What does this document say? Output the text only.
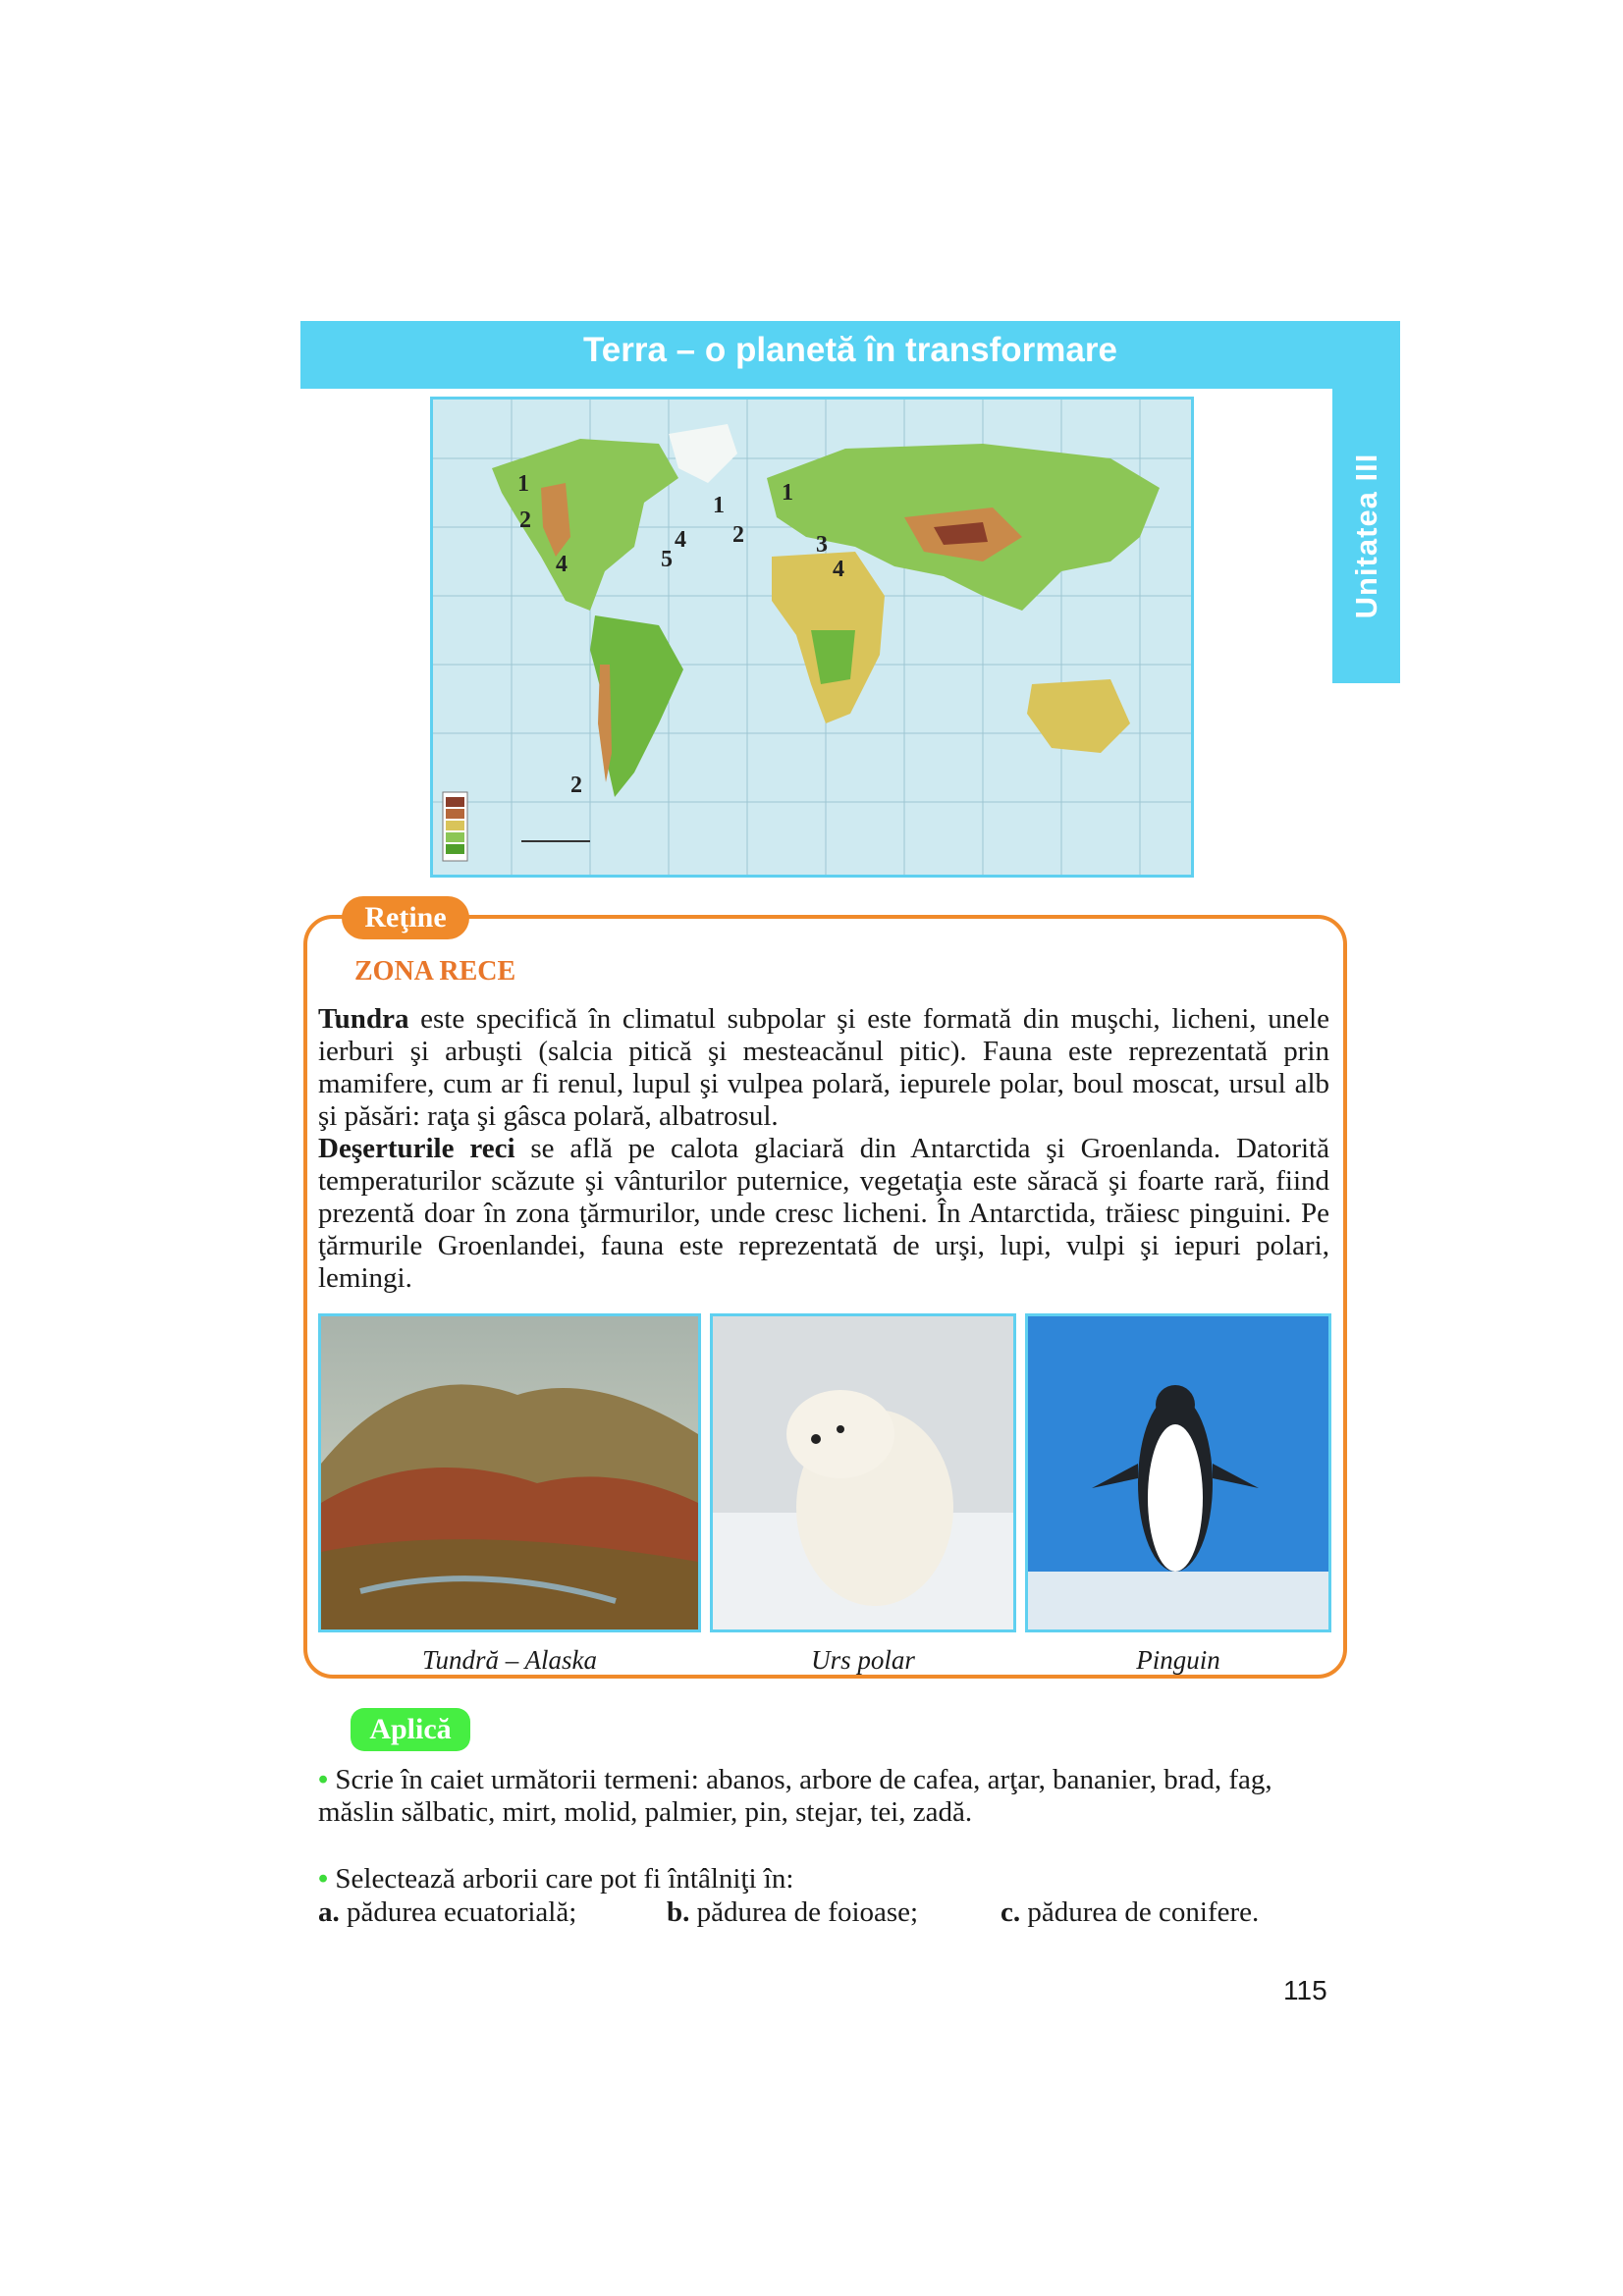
Terra – o planetă în transformare
Unitatea III
1
2
4
2
4
5
1
2
1
3
4
Reţine
ZONA RECE

Tundra este specifică în climatul subpolar şi este formată din muşchi, licheni, unele ierburi şi arbuşti (salcia pitică şi mesteacănul pitic). Fauna este reprezentată prin mamifere, cum ar fi renul, lupul şi vulpea polară, iepurele polar, boul moscat, ursul alb şi păsări: raţa şi gâsca polară, albatrosul.

Deşerturile reci se află pe calota glaciară din Antarctida şi Groenlanda. Datorită temperaturilor scăzute şi vânturilor puternice, vegetaţia este săracă şi foarte rară, fiind prezentă doar în zona ţărmurilor, unde cresc licheni. În Antarctida, trăiesc pinguini. Pe ţărmurile Groenlandei, fauna este reprezentată de urşi, lupi, vulpi şi iepuri polari, lemingi.

Tundră – Alaska	Urs polar	Pinguin
Aplică

• Scrie în caiet următorii termeni: abanos, arbore de cafea, arţar, bananier, brad, fag, măslin sălbatic, mirt, molid, palmier, pin, stejar, tei, zadă.

• Selectează arborii care pot fi întâlniţi în:

a. pădurea ecuatorială;	b. pădurea de foioase;	c. pădurea de conifere.
115
